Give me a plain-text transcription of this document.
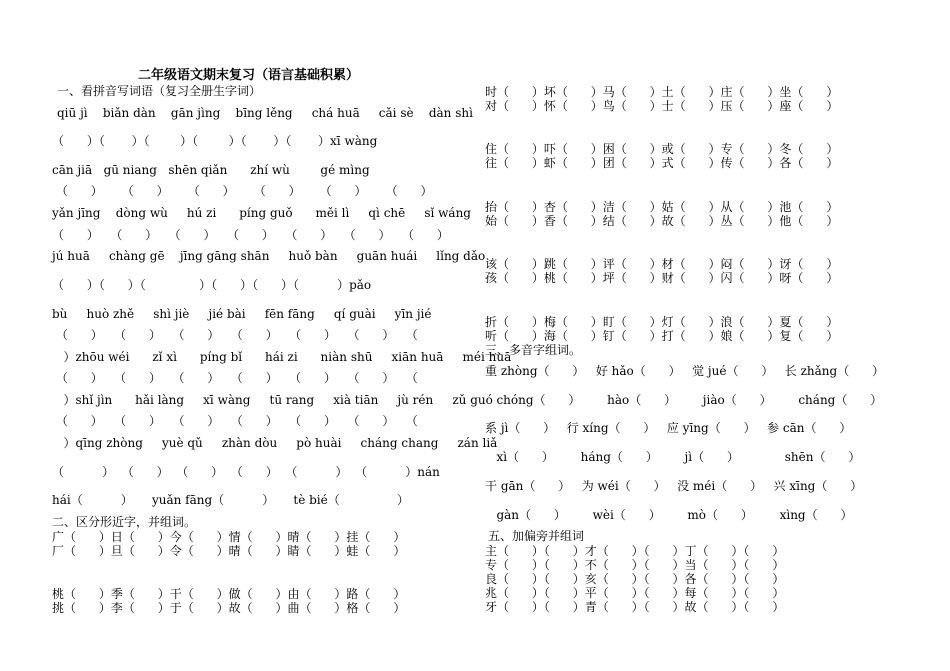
二年级语文期末复习（语言基础积累）
一、看拼音写词语（复习全册生字词）
qiū jì    biǎn dàn    gān jìng    bīng lěng     chá huā     cǎi sè    dàn shì
（      ）（       ）（        ）（        ）（       ）（       ）xī wàng
cān jiā   gū niang   shēn qiǎn      zhí wù        gé mìng
（      ）     （      ）     （      ）     （      ）     （      ）     （      ）
yǎn jīng    dòng wù     hú zi      píng guǒ      měi lì     qì chē     sǐ wáng
（      ）   （      ）   （      ）   （      ）   （      ）   （      ）   （      ）
jú huā     chàng gē    jīng gāng shān     huǒ bàn     guān huái     lǐng dǎo
（      ）（      ）（              ）（      ）（      ）（          ）pǎo
bù     huò zhě     shì jiè     jié bài     fēn fāng     qí guài     yīn jié
（      ）   （      ）   （      ）   （      ）   （      ）   （      ）   （
）zhōu wéi      zǐ xì      píng bǐ      hái zi      niàn shū     xiān huā     méi huā
（      ）   （      ）   （      ）   （      ）   （      ）   （      ）   （
）shǐ jìn      hǎi làng     xī wàng     tū rang     xià tiān     jù rén     zǔ guó
（      ）   （      ）   （      ）   （      ）   （      ）   （      ）   （
）qīng zhòng     yuè qǔ     zhàn dòu     pò huài     cháng chang     zán liǎ
（          ）  （      ）  （      ）  （      ）  （          ）  （          ）nán
hái（          ）     yuǎn fāng（          ）     tè bié（               ）
二、区分形近字，并组词。
广（      ）日（      ）今（      ）情（      ）晴（      ）挂（      ）
厂（      ）旦（      ）令（      ）晴（      ）睛（      ）蛙（      ）
桃（      ）季（      ）干（      ）做（      ）由（      ）路（      ）
挑（      ）李（      ）于（      ）故（      ）曲（      ）格（      ）
时（      ）坏（      ）马（      ）土（      ）庄（      ）坐（      ）
对（      ）怀（      ）鸟（      ）士（      ）压（      ）座（      ）
住（      ）吓（      ）困（      ）或（      ）专（      ）冬（      ）
往（      ）虾（      ）团（      ）式（      ）传（      ）各（      ）
抬（      ）杏（      ）洁（      ）姑（      ）从（      ）池（      ）
始（      ）香（      ）结（      ）故（      ）丛（      ）他（      ）
该（      ）跳（      ）评（      ）材（      ）闷（      ）讶（      ）
孩（      ）桃（      ）坪（      ）财（      ）闪（      ）呀（      ）
折（      ）梅（      ）盯（      ）灯（      ）浪（      ）夏（      ）
听（      ）海（      ）钉（      ）打（      ）娘（      ）复（      ）
三、多音字组词。
重 zhòng（      ）   好 hǎo（      ）   觉 jué（      ）   长 zhǎng（      ）
chóng（      ）       hào（      ）       jiào（      ）       cháng（      ）
系 jì（      ）   行 xíng（      ）   应 yīng（      ）   参 cān（      ）
xì（      ）       háng（      ）       jì（      ）            shēn（      ）
干 gān（      ）   为 wéi（      ）   没 méi（      ）   兴 xīng（      ）
gàn（      ）       wèi（      ）       mò（      ）       xìng（      ）
五、加偏旁并组词
主（      ）（      ）才（      ）（      ）丁（      ）（      ）
专（      ）（      ）不（      ）（      ）当（      ）（      ）
良（      ）（      ）亥（      ）（      ）各（      ）（      ）
兆（      ）（      ）平（      ）（      ）每（      ）（      ）
牙（      ）（      ）青（      ）（      ）故（      ）（      ）
